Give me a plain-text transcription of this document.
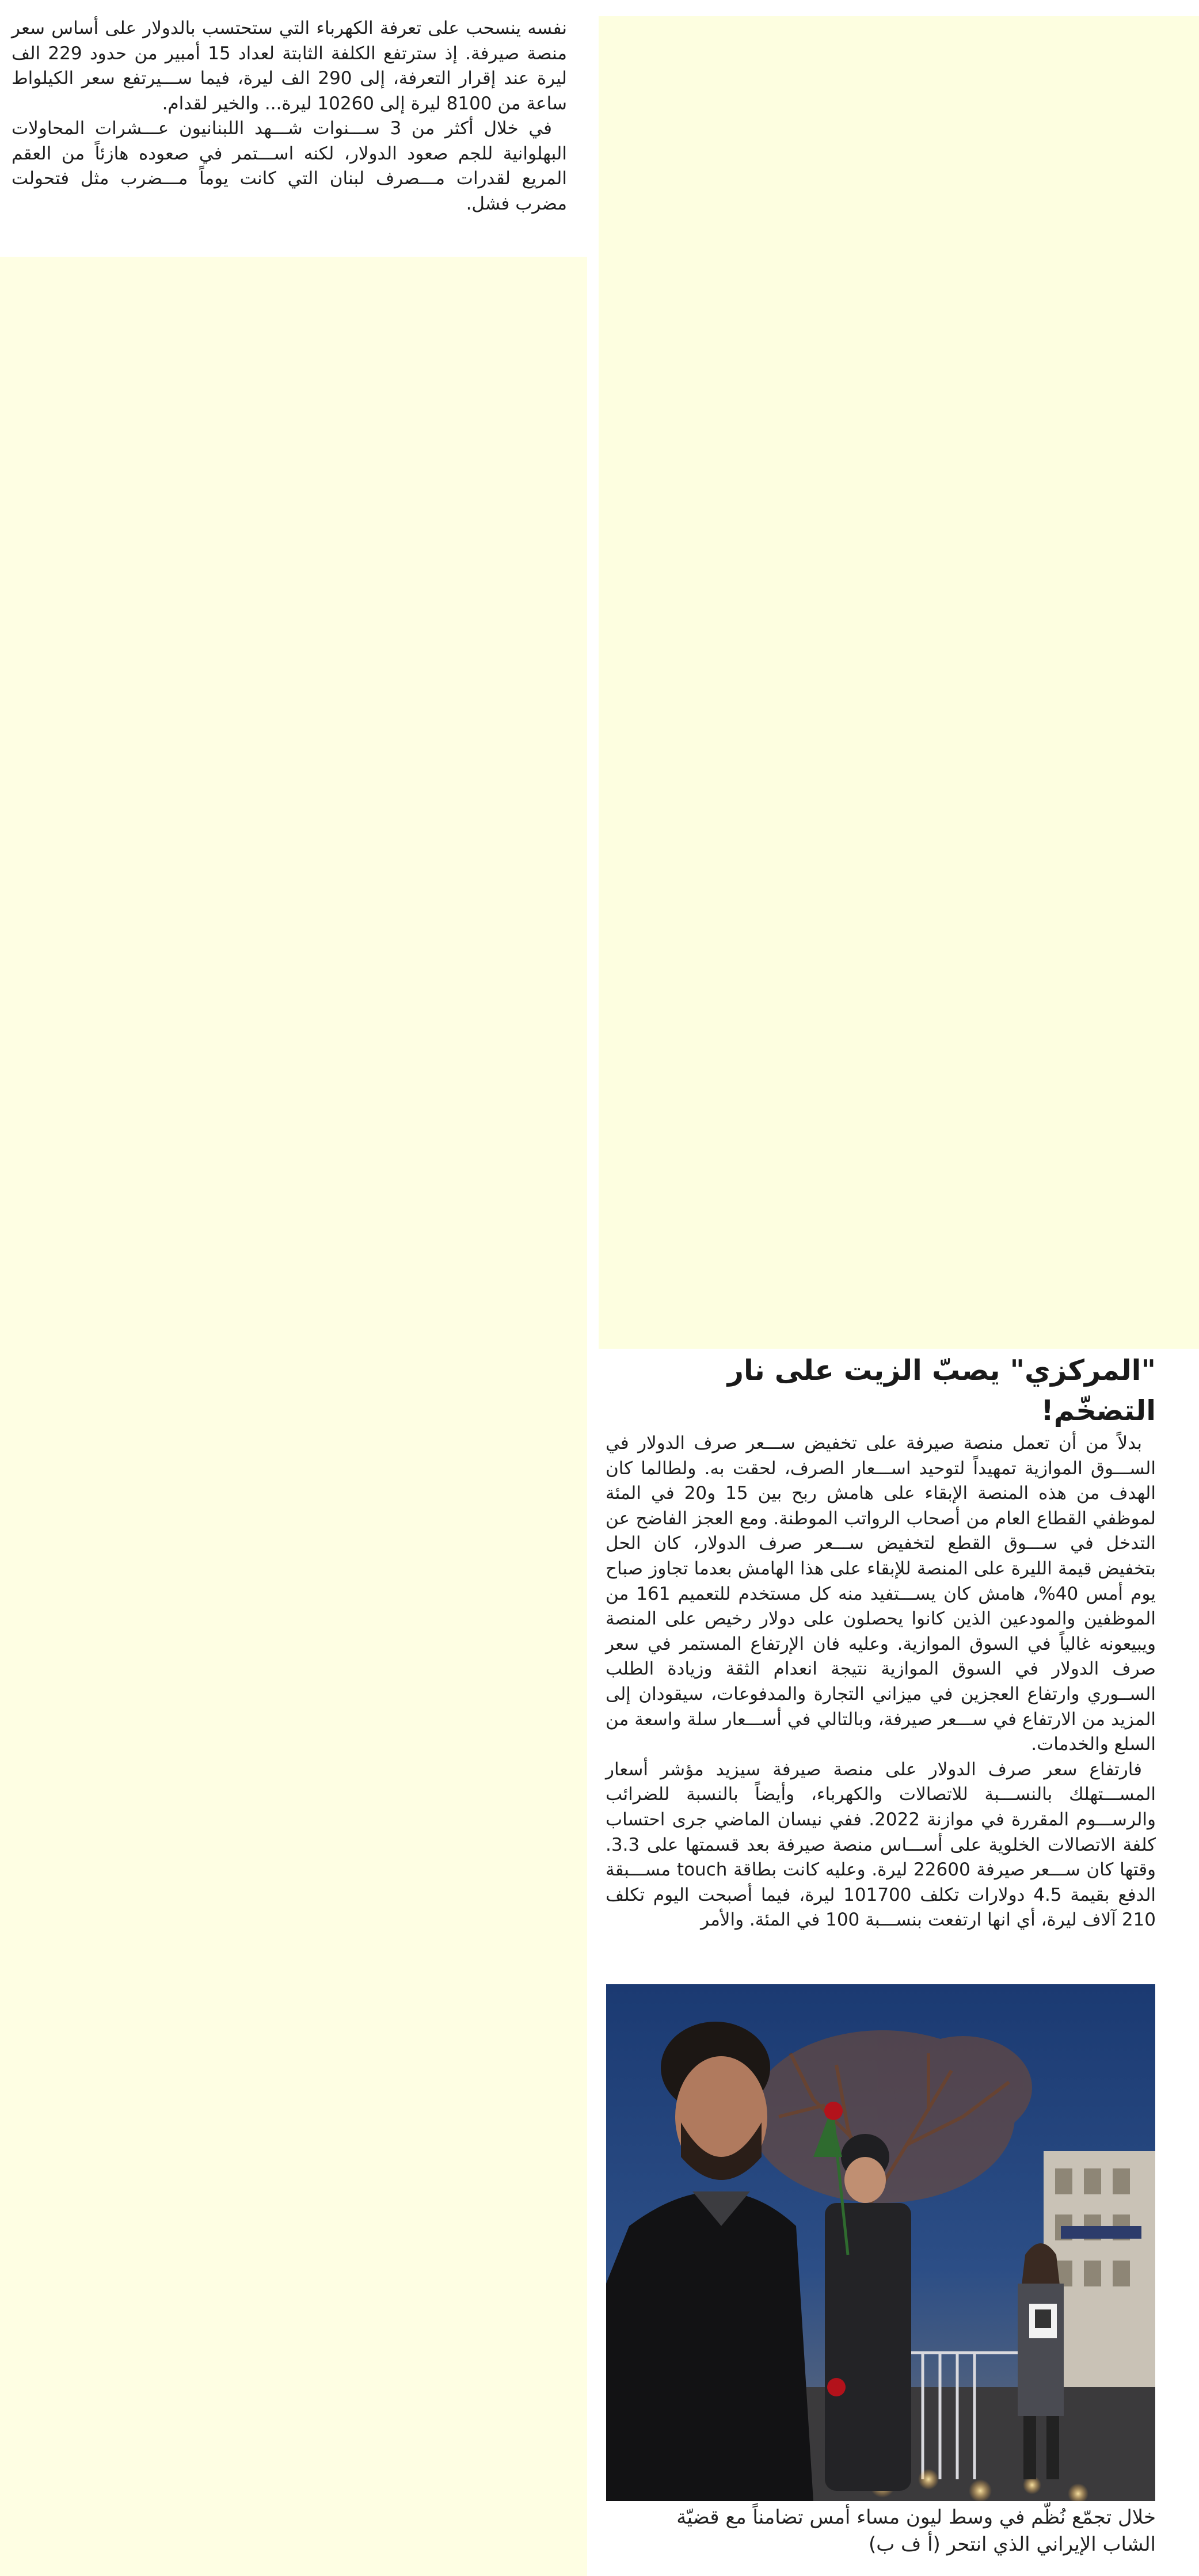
نفسه ينسحب على تعرفة الكهرباء التي ستحتسب بالدولار على أساس سعر منصة صيرفة. إذ سترتفع الكلفة الثابتة لعداد 15 أمبير من حدود 229 الف ليرة عند إقرار التعرفة، إلى 290 الف ليرة، فيما ســـيرتفع سعر الكيلواط ساعة من 8100 ليرة إلى 10260 ليرة... والخير لقدام.

في خلال أكثر من 3 ســـنوات شـــهد اللبنانيون عـــشرات المحاولات البهلوانية للجم صعود الدولار، لكنه اســـتمر في صعوده هازئاً من العقم المريع لقدرات مـــصرف لبنان التي كانت يوماً مـــضرب مثل فتحولت مضرب فشل.

"المركزي" يصبّ الزيت على نار التضخّم!

بدلاً من أن تعمل منصة صيرفة على تخفيض ســـعر صرف الدولار في الســـوق الموازية تمهيداً لتوحيد اســـعار الصرف، لحقت به. ولطالما كان الهدف من هذه المنصة الإبقاء على هامش ربح بين 15 و20 في المئة لموظفي القطاع العام من أصحاب الرواتب الموطنة. ومع العجز الفاضح عن التدخل في ســـوق القطع لتخفيض ســـعر صرف الدولار، كان الحل بتخفيض قيمة الليرة على المنصة للإبقاء على هذا الهامش بعدما تجاوز صباح يوم أمس 40%، هامش كان يســـتفيد منه كل مستخدم للتعميم 161 من الموظفين والمودعين الذين كانوا يحصلون على دولار رخيص على المنصة ويبيعونه غالياً في السوق الموازية. وعليه فان الإرتفاع المستمر في سعر صرف الدولار في السوق الموازية نتيجة انعدام الثقة وزيادة الطلب الســوري وارتفاع العجزين في ميزاني التجارة والمدفوعات، سيقودان إلى المزيد من الارتفاع في ســـعر صيرفة، وبالتالي في أســـعار سلة واسعة من السلع والخدمات.

فارتفاع سعر صرف الدولار على منصة صيرفة سيزيد مؤشر أسعار المســـتهلك بالنســـبة للاتصالات والكهرباء، وأيضاً بالنسبة للضرائب والرســـوم المقررة في موازنة 2022. ففي نيسان الماضي جرى احتساب كلفة الاتصالات الخلوية على أســـاس منصة صيرفة بعد قسمتها على 3.3. وقتها كان ســـعر صيرفة 22600 ليرة. وعليه كانت بطاقة touch مســـبقة الدفع بقيمة 4.5 دولارات تكلف 101700 ليرة، فيما أصبحت اليوم تكلف 210 آلاف ليرة، أي انها ارتفعت بنســـبة 100 في المئة. والأمر

خلال تجمّع نُظّم في وسط ليون مساء أمس تضامناً مع قضيّة
الشاب الإيراني الذي انتحر (أ ف ب)
